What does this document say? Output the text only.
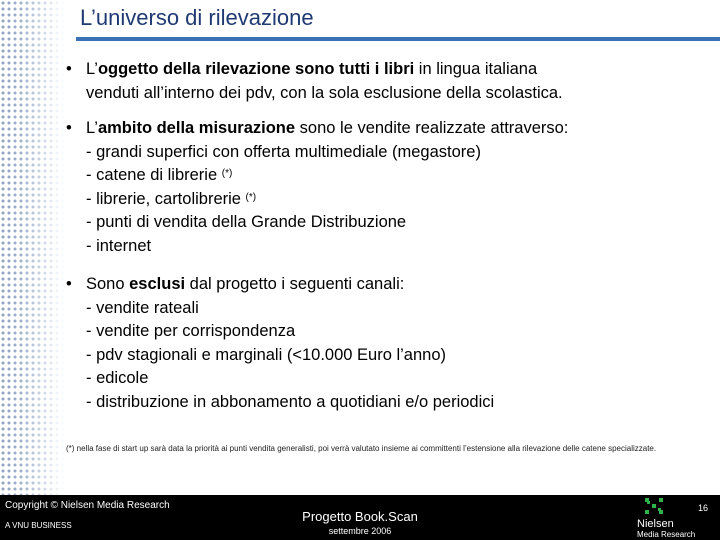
L’universo di rilevazione
• L’oggetto della rilevazione sono tutti i libri in lingua italiana
venduti all’interno dei pdv, con la sola esclusione della scolastica.
• L’ambito della misurazione sono le vendite realizzate attraverso:
- grandi superfici con offerta multimediale (megastore)
- catene di librerie (*)
- librerie, cartolibrerie (*)
- punti di vendita della Grande Distribuzione
- internet
• Sono esclusi dal progetto i seguenti canali:
- vendite rateali
- vendite per corrispondenza
- pdv stagionali e marginali (<10.000 Euro l’anno)
- edicole
- distribuzione in abbonamento a quotidiani e/o periodici
(*) nella fase di start up sarà data la priorità ai punti vendita generalisti, poi verrà valutato insieme ai committenti l’estensione alla rilevazione delle catene specializzate.
Copyright © Nielsen Media Research
A VNU BUSINESS
Progetto Book.Scan
settembre 2006
16
Nielsen
Media Research
